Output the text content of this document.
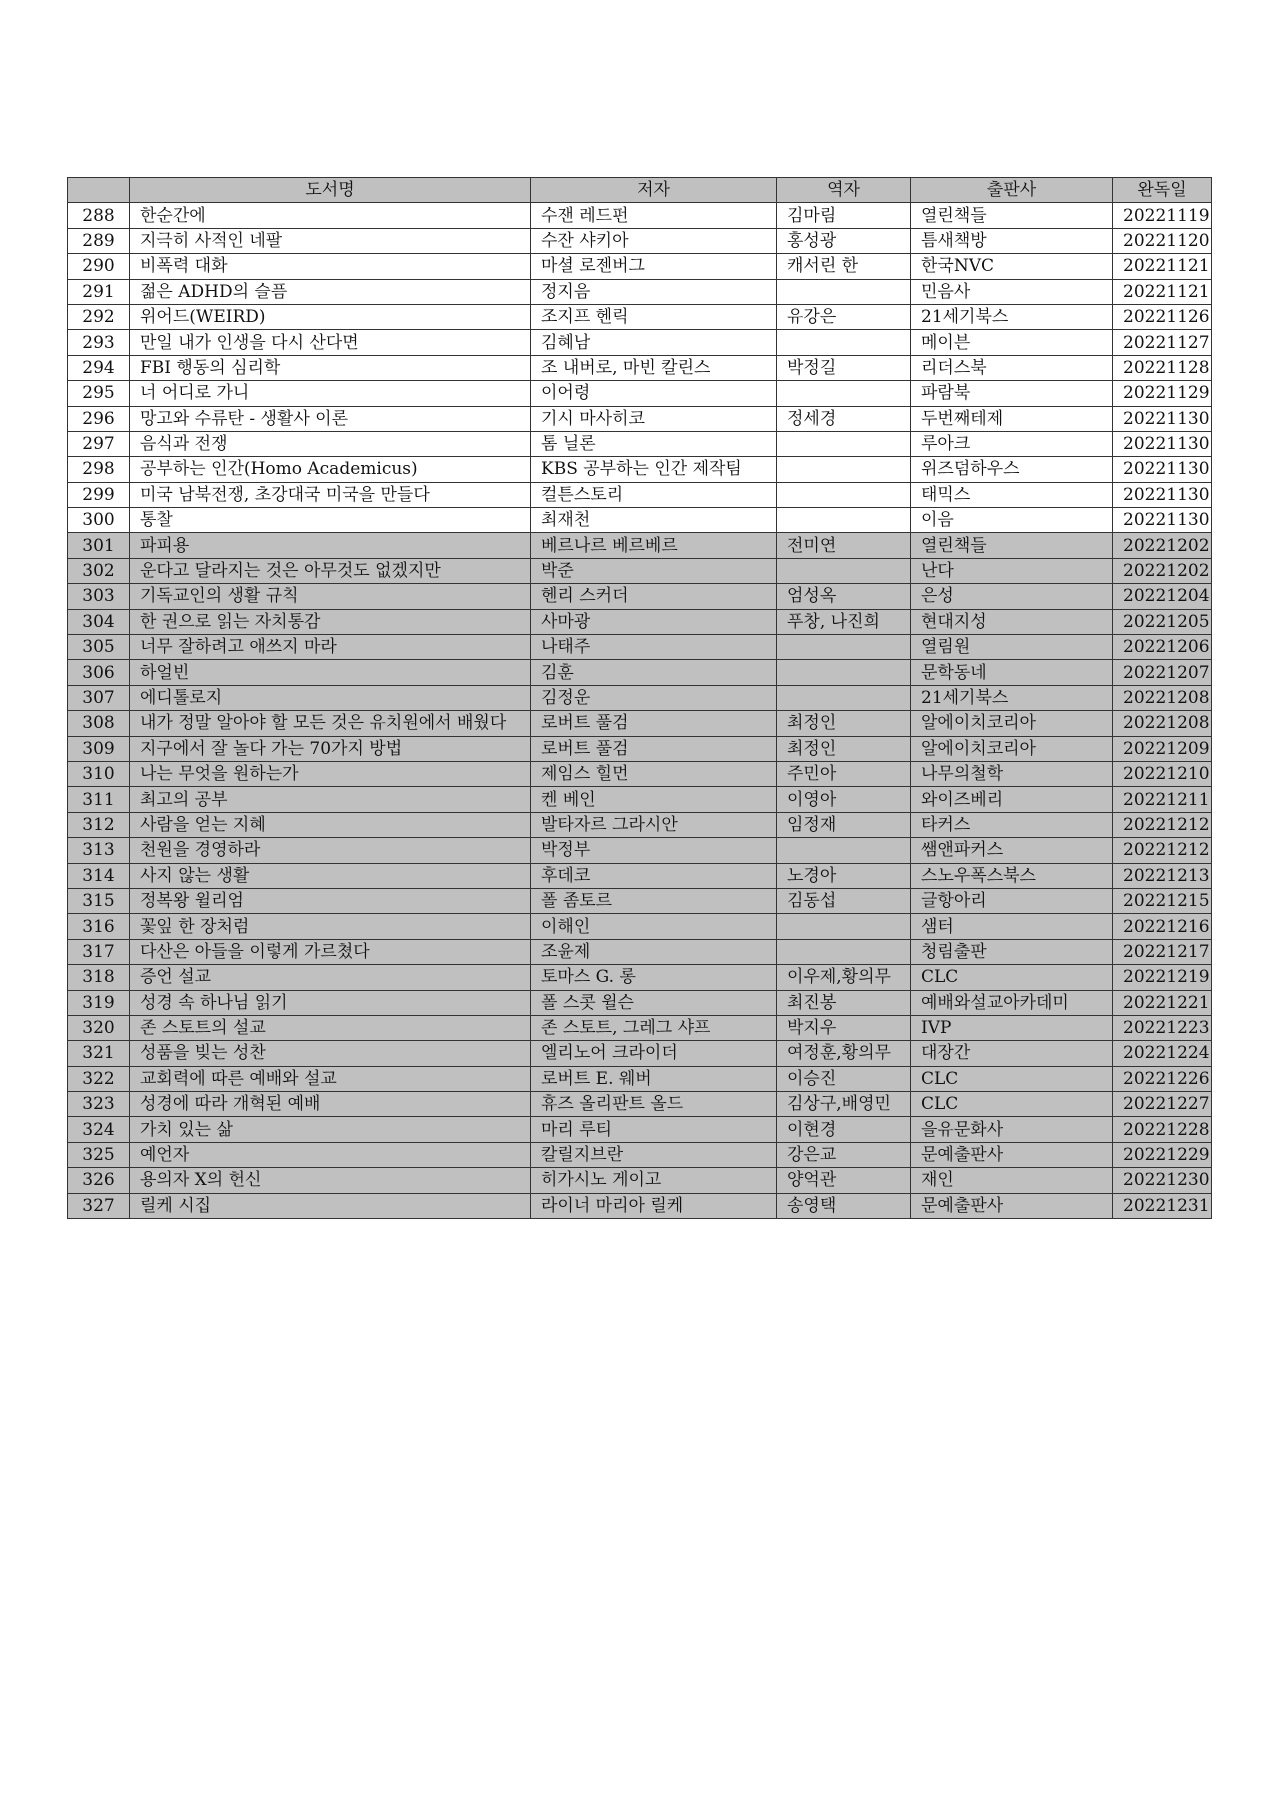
	도서명	저자	역자	출판사	완독일
288	한순간에	수잰 레드펀	김마림	열린책들	20221119
289	지극히 사적인 네팔	수잔 샤키아	홍성광	틈새책방	20221120
290	비폭력 대화	마셜 로젠버그	캐서린 한	한국NVC	20221121
291	젊은 ADHD의 슬픔	정지음		민음사	20221121
292	위어드(WEIRD)	조지프 헨릭	유강은	21세기북스	20221126
293	만일 내가 인생을 다시 산다면	김혜남		메이븐	20221127
294	FBI 행동의 심리학	조 내버로, 마빈 칼린스	박정길	리더스북	20221128
295	너 어디로 가니	이어령		파람북	20221129
296	망고와 수류탄 - 생활사 이론	기시 마사히코	정세경	두번째테제	20221130
297	음식과 전쟁	톰 닐론		루아크	20221130
298	공부하는 인간(Homo Academicus)	KBS 공부하는 인간 제작팀		위즈덤하우스	20221130
299	미국 남북전쟁, 초강대국 미국을 만들다	컬튼스토리		태믹스	20221130
300	통찰	최재천		이음	20221130
301	파피용	베르나르 베르베르	전미연	열린책들	20221202
302	운다고 달라지는 것은 아무것도 없겠지만	박준		난다	20221202
303	기독교인의 생활 규칙	헨리 스커더	엄성옥	은성	20221204
304	한 권으로 읽는 자치통감	사마광	푸창, 나진희	현대지성	20221205
305	너무 잘하려고 애쓰지 마라	나태주		열림원	20221206
306	하얼빈	김훈		문학동네	20221207
307	에디톨로지	김정운		21세기북스	20221208
308	내가 정말 알아야 할 모든 것은 유치원에서 배웠다	로버트 풀검	최정인	알에이치코리아	20221208
309	지구에서 잘 놀다 가는 70가지 방법	로버트 풀검	최정인	알에이치코리아	20221209
310	나는 무엇을 원하는가	제임스 힐먼	주민아	나무의철학	20221210
311	최고의 공부	켄 베인	이영아	와이즈베리	20221211
312	사람을 얻는 지혜	발타자르 그라시안	임정재	타커스	20221212
313	천원을 경영하라	박정부		쌤앤파커스	20221212
314	사지 않는 생활	후데코	노경아	스노우폭스북스	20221213
315	정복왕 윌리엄	폴 좀토르	김동섭	글항아리	20221215
316	꽃잎 한 장처럼	이해인		샘터	20221216
317	다산은 아들을 이렇게 가르쳤다	조윤제		청림출판	20221217
318	증언 설교	토마스 G. 롱	이우제,황의무	CLC	20221219
319	성경 속 하나님 읽기	폴 스콧 윌슨	최진봉	예배와설교아카데미	20221221
320	존 스토트의 설교	존 스토트, 그레그 샤프	박지우	IVP	20221223
321	성품을 빚는 성찬	엘리노어 크라이더	여정훈,황의무	대장간	20221224
322	교회력에 따른 예배와 설교	로버트 E. 웨버	이승진	CLC	20221226
323	성경에 따라 개혁된 예배	휴즈 올리판트 올드	김상구,배영민	CLC	20221227
324	가치 있는 삶	마리 루티	이현경	을유문화사	20221228
325	예언자	칼릴지브란	강은교	문예출판사	20221229
326	용의자 X의 헌신	히가시노 게이고	양억관	재인	20221230
327	릴케 시집	라이너 마리아 릴케	송영택	문예출판사	20221231
